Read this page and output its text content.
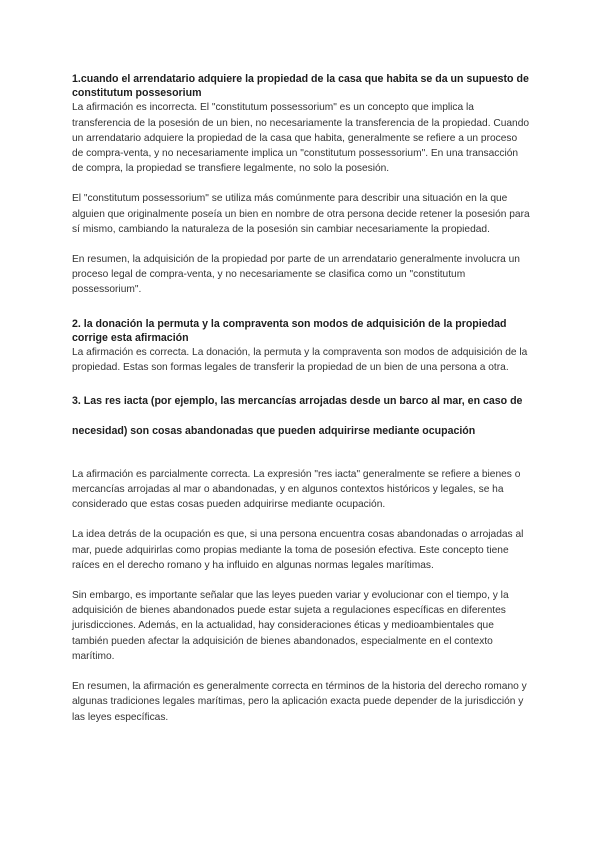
1.cuando el arrendatario adquiere la propiedad de la casa que habita se da un supuesto de constitutum possesorium

La afirmación es incorrecta. El "constitutum possessorium" es un concepto que implica la transferencia de la posesión de un bien, no necesariamente la transferencia de la propiedad. Cuando un arrendatario adquiere la propiedad de la casa que habita, generalmente se refiere a un proceso de compra-venta, y no necesariamente implica un "constitutum possessorium". En una transacción de compra, la propiedad se transfiere legalmente, no solo la posesión.

El "constitutum possessorium" se utiliza más comúnmente para describir una situación en la que alguien que originalmente poseía un bien en nombre de otra persona decide retener la posesión para sí mismo, cambiando la naturaleza de la posesión sin cambiar necesariamente la propiedad.

En resumen, la adquisición de la propiedad por parte de un arrendatario generalmente involucra un proceso legal de compra-venta, y no necesariamente se clasifica como un "constitutum possessorium".

2. la donación la permuta y la compraventa son modos de adquisición de la propiedad corrige esta afirmación

La afirmación es correcta. La donación, la permuta y la compraventa son modos de adquisición de la propiedad. Estas son formas legales de transferir la propiedad de un bien de una persona a otra.

3. Las res iacta (por ejemplo, las mercancías arrojadas desde un barco al mar, en caso de

necesidad) son cosas abandonadas que pueden adquirirse mediante ocupación

La afirmación es parcialmente correcta. La expresión "res iacta" generalmente se refiere a bienes o mercancías arrojadas al mar o abandonadas, y en algunos contextos históricos y legales, se ha considerado que estas cosas pueden adquirirse mediante ocupación.

La idea detrás de la ocupación es que, si una persona encuentra cosas abandonadas o arrojadas al mar, puede adquirirlas como propias mediante la toma de posesión efectiva. Este concepto tiene raíces en el derecho romano y ha influido en algunas normas legales marítimas.

Sin embargo, es importante señalar que las leyes pueden variar y evolucionar con el tiempo, y la adquisición de bienes abandonados puede estar sujeta a regulaciones específicas en diferentes jurisdicciones. Además, en la actualidad, hay consideraciones éticas y medioambientales que también pueden afectar la adquisición de bienes abandonados, especialmente en el contexto marítimo.

En resumen, la afirmación es generalmente correcta en términos de la historia del derecho romano y algunas tradiciones legales marítimas, pero la aplicación exacta puede depender de la jurisdicción y las leyes específicas.
